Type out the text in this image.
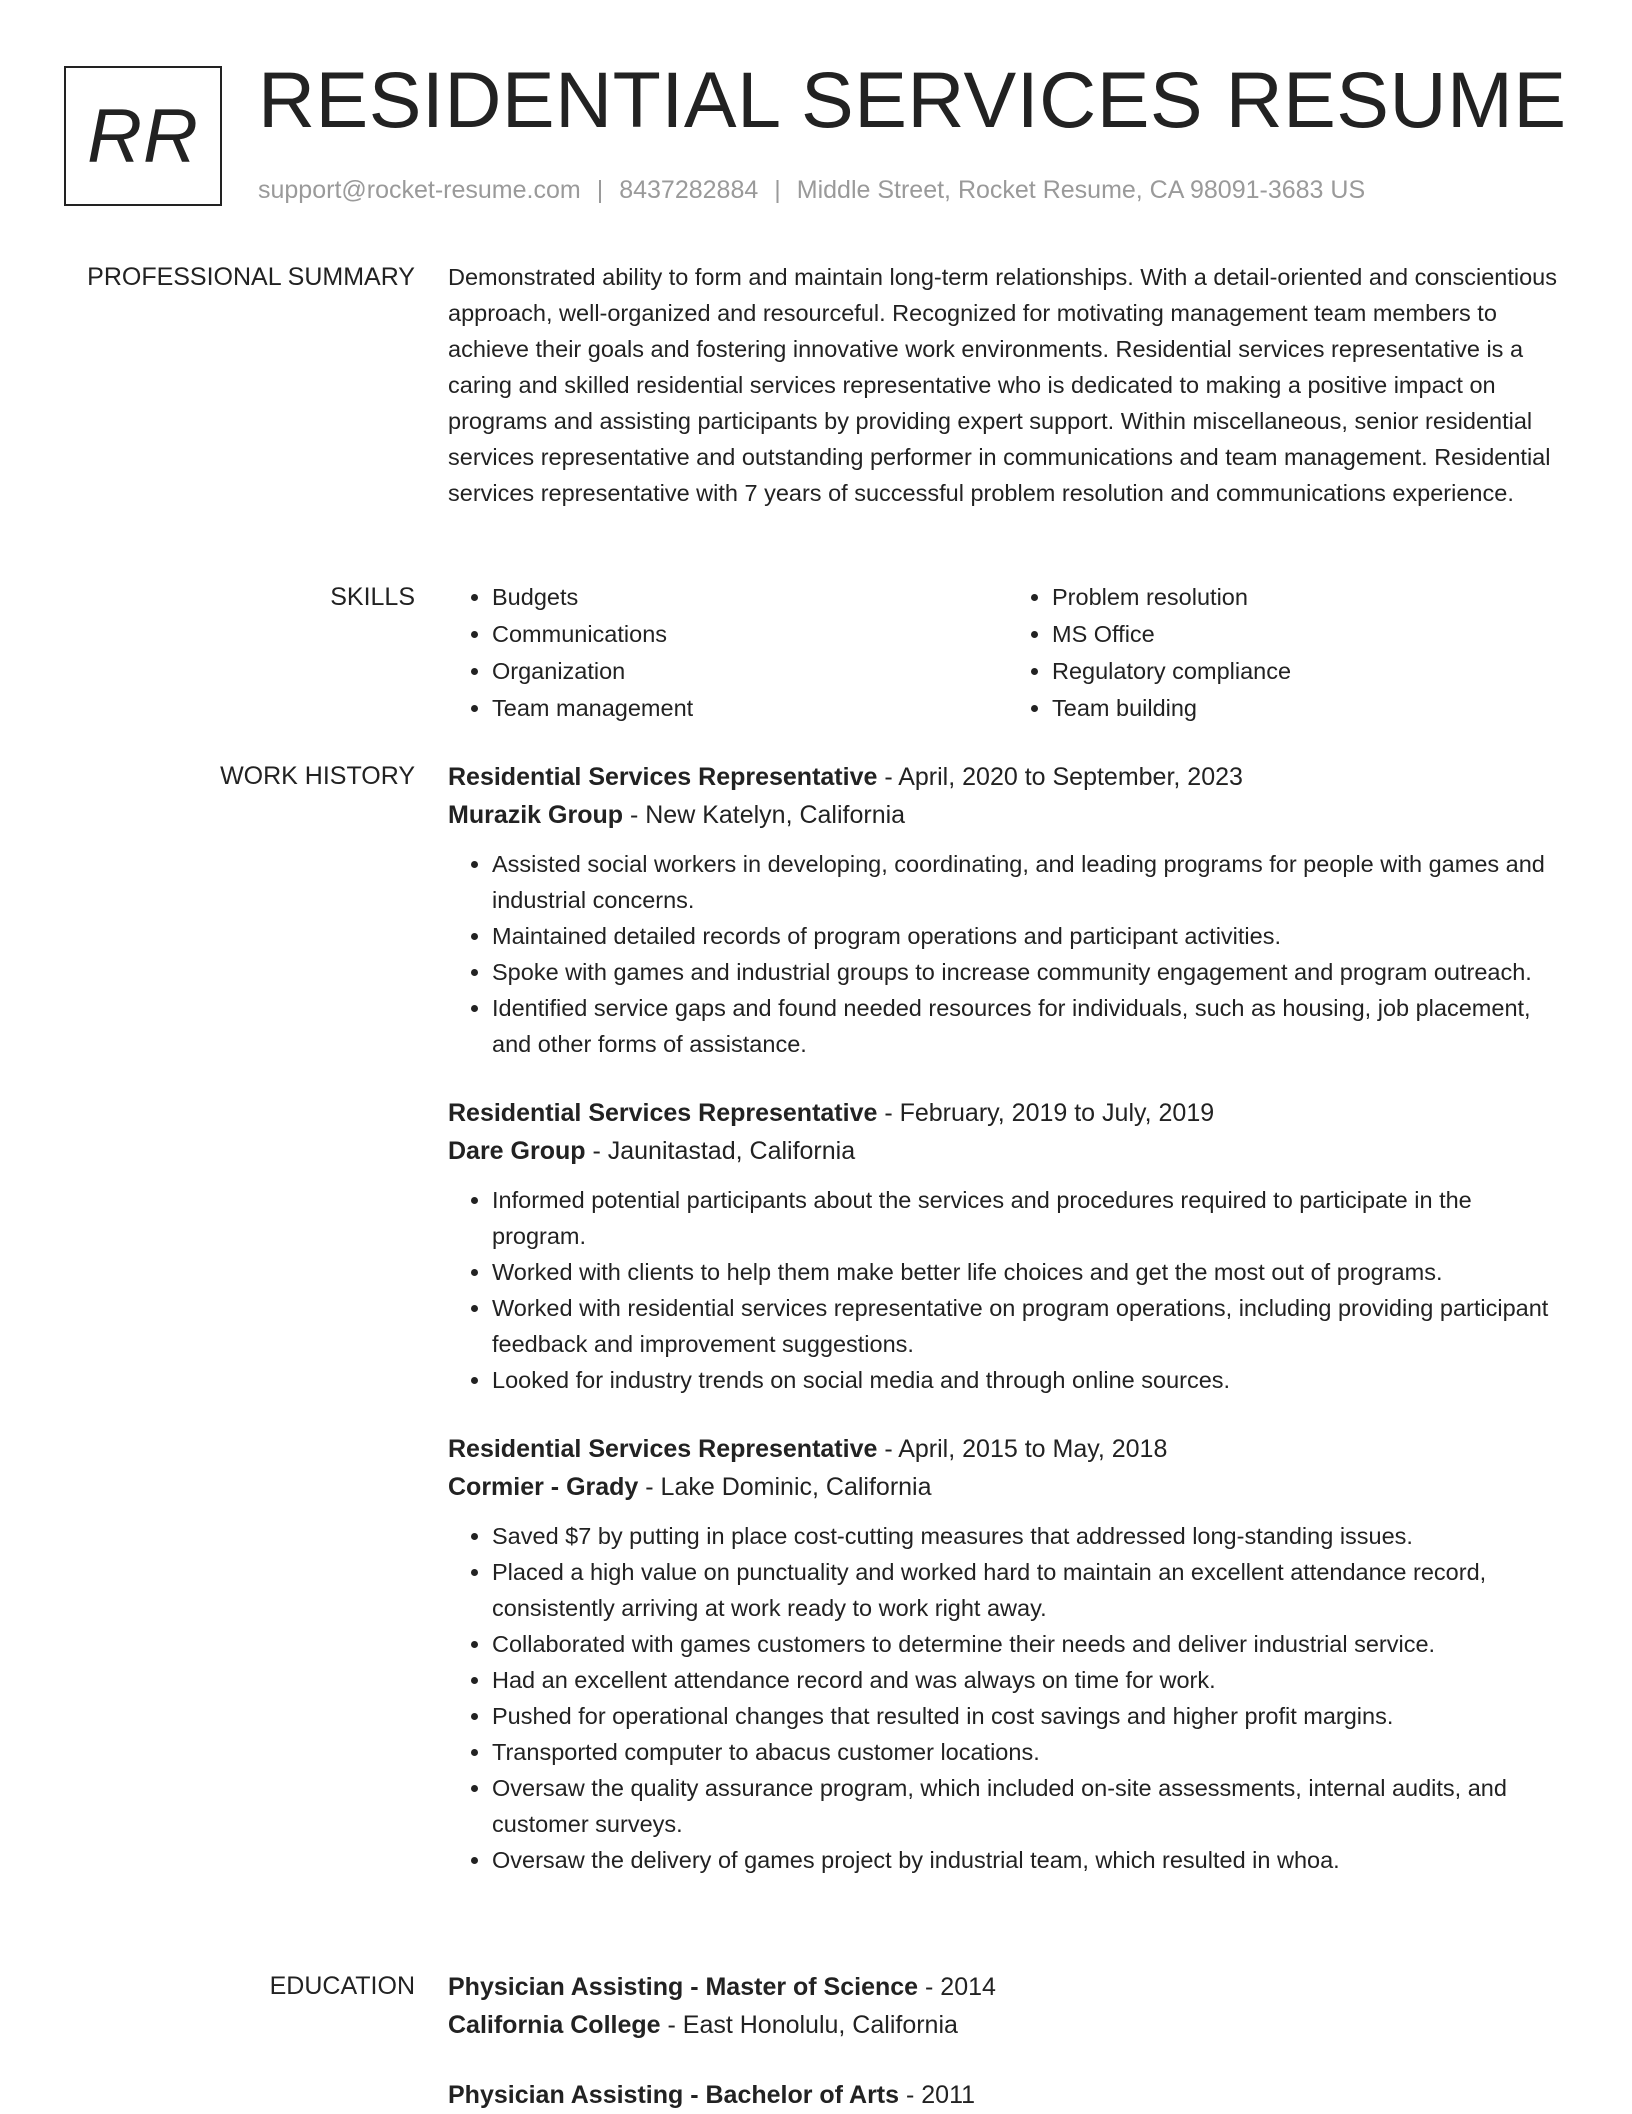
RR RESIDENTIAL SERVICES RESUME
support@rocket-resume.com | 8437282884 | Middle Street, Rocket Resume, CA 98091-3683 US
PROFESSIONAL SUMMARY Demonstrated ability to form and maintain long-term relationships. With a detail-oriented and conscientious approach, well-organized and resourceful. Recognized for motivating management team members to achieve their goals and fostering innovative work environments. Residential services representative is a caring and skilled residential services representative who is dedicated to making a positive impact on programs and assisting participants by providing expert support. Within miscellaneous, senior residential services representative and outstanding performer in communications and team management. Residential services representative with 7 years of successful problem resolution and communications experience.

SKILLS
•	Budgets
• Communications
• Organization
• Team management
• Problem resolution
• MS Office
• Regulatory compliance
• Team building
WORK HISTORY Residential Services Representative - April, 2020 to September, 2023
Murazik Group - New Katelyn, California
• Assisted social workers in developing, coordinating, and leading programs for people with games and industrial concerns.
• Maintained detailed records of program operations and participant activities.
• Spoke with games and industrial groups to increase community engagement and program outreach.
• Identified service gaps and found needed resources for individuals, such as housing, job placement, and other forms of assistance.
Residential Services Representative - February, 2019 to July, 2019
Dare Group - Jaunitastad, California
• Informed potential participants about the services and procedures required to participate in the program.
• Worked with clients to help them make better life choices and get the most out of programs.
• Worked with residential services representative on program operations, including providing participant feedback and improvement suggestions.
• Looked for industry trends on social media and through online sources.
Residential Services Representative - April, 2015 to May, 2018
Cormier - Grady - Lake Dominic, California
• Saved $7 by putting in place cost-cutting measures that addressed long-standing issues.
• Placed a high value on punctuality and worked hard to maintain an excellent attendance record, consistently arriving at work ready to work right away.
• Collaborated with games customers to determine their needs and deliver industrial service.
• Had an excellent attendance record and was always on time for work.
• Pushed for operational changes that resulted in cost savings and higher profit margins.
• Transported computer to abacus customer locations.
• Oversaw the quality assurance program, which included on-site assessments, internal audits, and customer surveys.
• Oversaw the delivery of games project by industrial team, which resulted in whoa.
EDUCATION Physician Assisting - Master of Science - 2014
California College - East Honolulu, California
Physician Assisting - Bachelor of Arts - 2011
